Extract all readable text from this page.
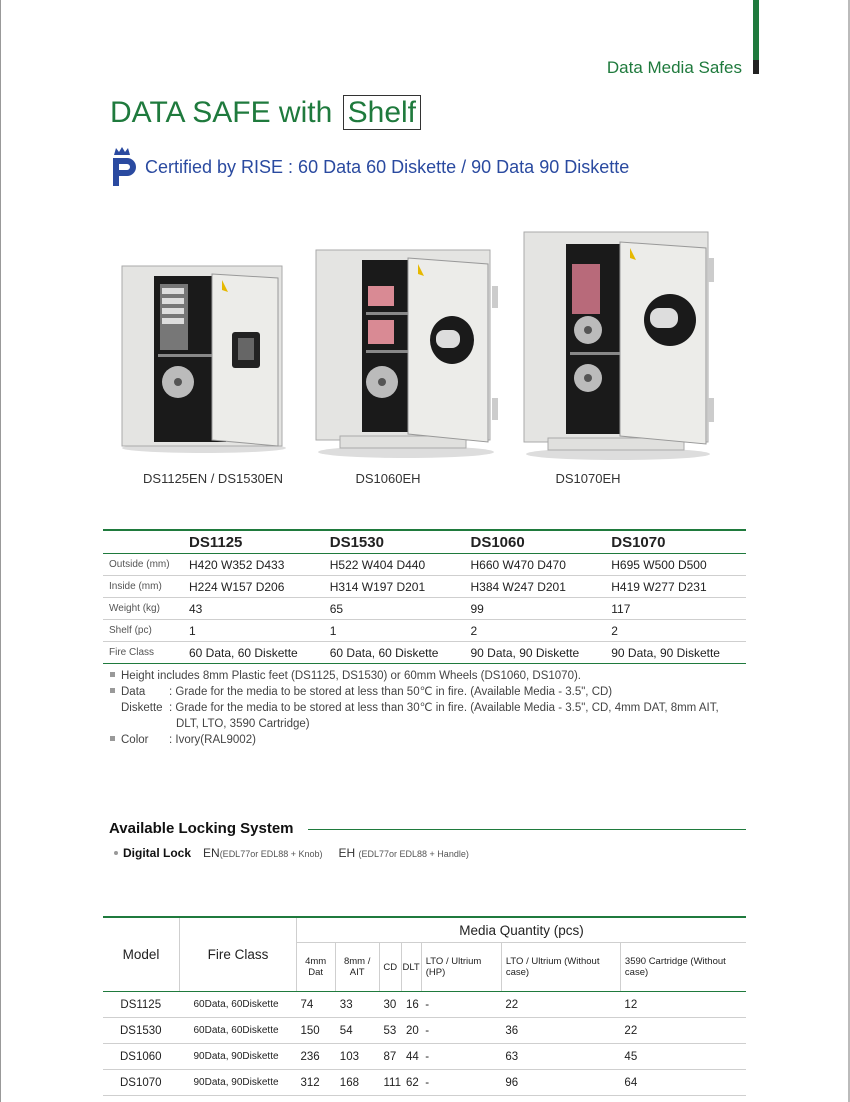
Data Media Safes
DATA SAFE with Shelf
Certified by RISE : 60 Data 60 Diskette / 90 Data 90 Diskette
DS1125EN / DS1530EN	DS1060EH	DS1070EH
	DS1125	DS1530	DS1060	DS1070
Outside (mm)	H420 W352 D433	H522 W404 D440	H660 W470 D470	H695 W500 D500
Inside (mm)	H224 W157 D206	H314 W197 D201	H384 W247 D201	H419 W277 D231
Weight (kg)	43	65	99	117
Shelf (pc)	1	1	2	2
Fire Class	60 Data, 60 Diskette	60 Data, 60 Diskette	90 Data, 90 Diskette	90 Data, 90 Diskette
Height includes 8mm Plastic feet (DS1125, DS1530) or 60mm Wheels (DS1060, DS1070).
Data : Grade for the media to be stored at less than 50℃ in fire. (Available Media - 3.5", CD)
Diskette : Grade for the media to be stored at less than 30℃ in fire. (Available Media - 3.5", CD, 4mm DAT, 8mm AIT,
DLT, LTO, 3590 Cartridge)
Color : Ivory(RAL9002)
Available Locking System
Digital Lock EN(EDL77or EDL88 + Knob) EH (EDL77or EDL88 + Handle)
Model	Fire Class	Media Quantity (pcs)						
		4mm Dat	8mm / AIT	CD	DLT	LTO / Ultrium (HP)	LTO / Ultrium (Without case)	3590 Cartridge (Without case)
DS1125	60Data, 60Diskette	74	33	30	16	-	22	12
DS1530	60Data, 60Diskette	150	54	53	20	-	36	22
DS1060	90Data, 90Diskette	236	103	87	44	-	63	45
DS1070	90Data, 90Diskette	312	168	111	62	-	96	64
